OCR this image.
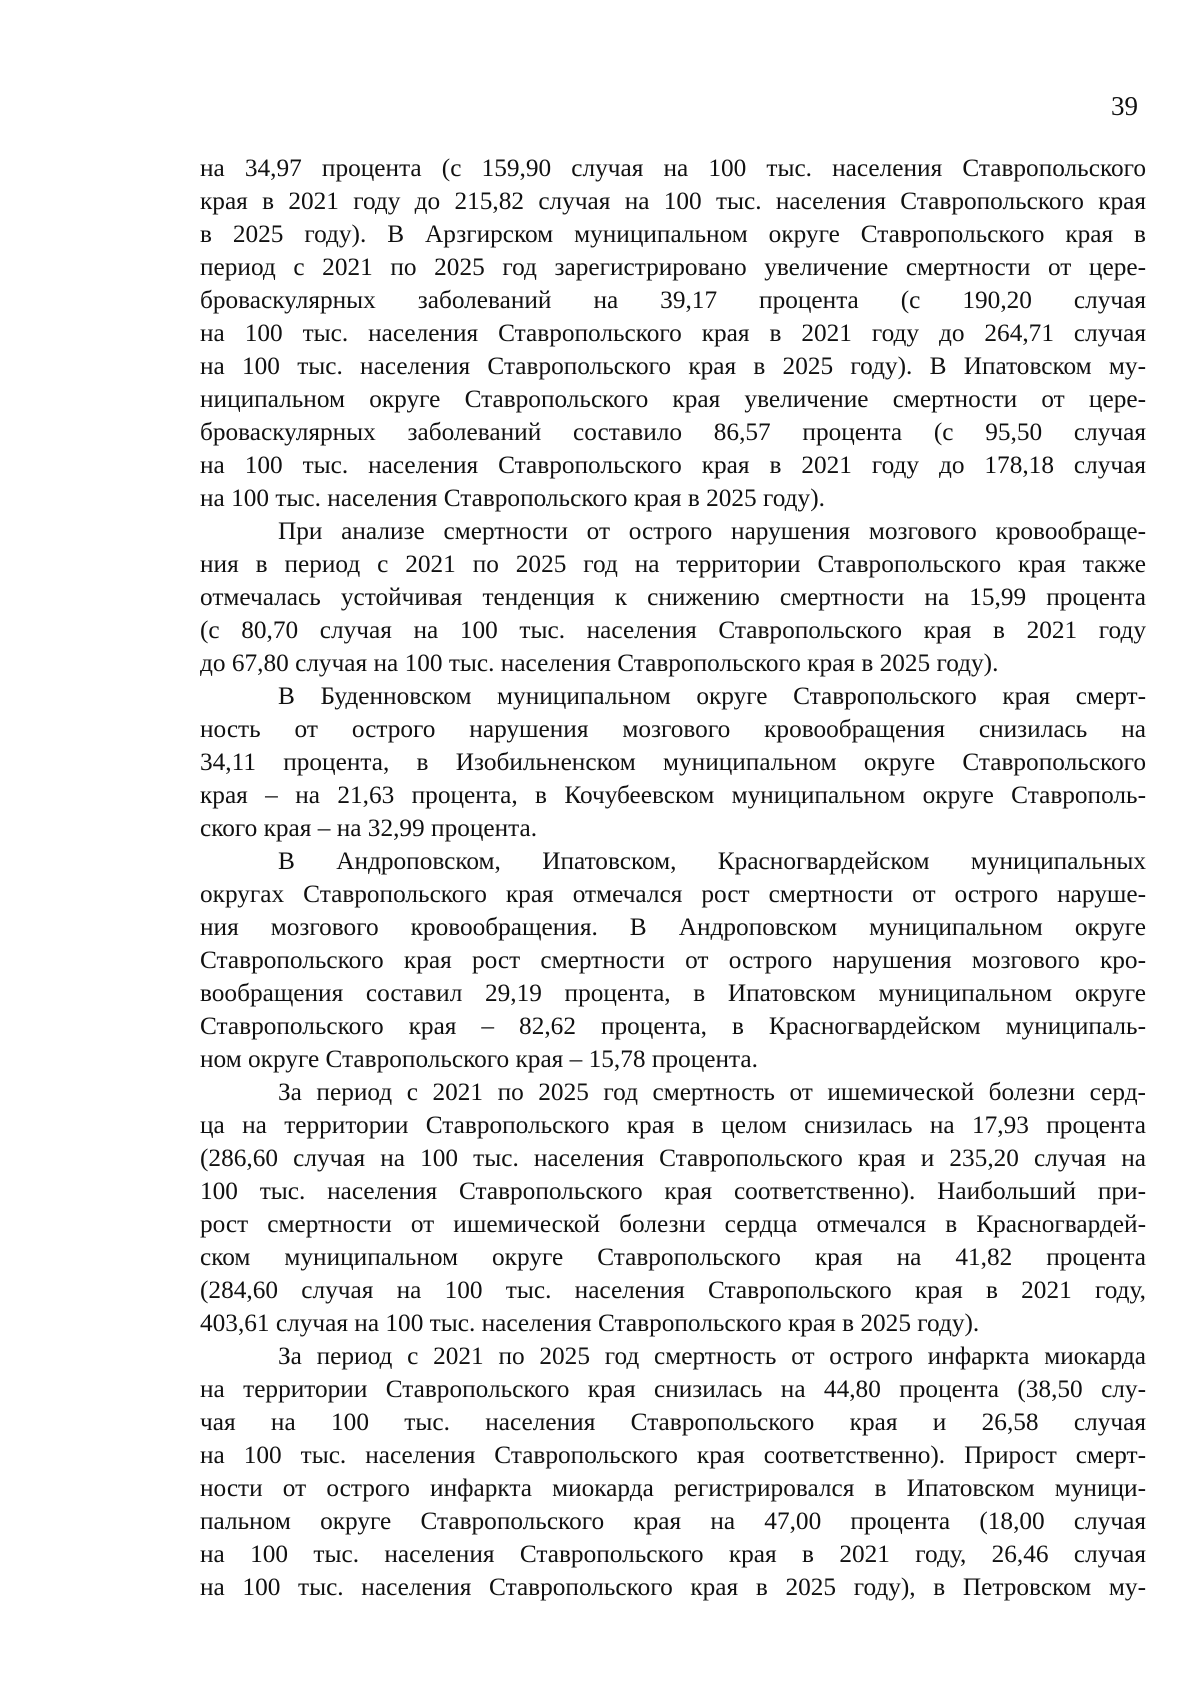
39
на 34,97 процента (с 159,90 случая на 100 тыс. населения Ставропольского
края в 2021 году до 215,82 случая на 100 тыс. населения Ставропольского края
в 2025 году). В Арзгирском муниципальном округе Ставропольского края в
период с 2021 по 2025 год зарегистрировано увеличение смертности от цере-
броваскулярных заболеваний на 39,17 процента (с 190,20 случая
на 100 тыс. населения Ставропольского края в 2021 году до 264,71 случая
на 100 тыс. населения Ставропольского края в 2025 году). В Ипатовском му-
ниципальном округе Ставропольского края увеличение смертности от цере-
броваскулярных заболеваний составило 86,57 процента (с 95,50 случая
на 100 тыс. населения Ставропольского края в 2021 году до 178,18 случая
на 100 тыс. населения Ставропольского края в 2025 году).
При анализе смертности от острого нарушения мозгового кровообраще-
ния в период с 2021 по 2025 год на территории Ставропольского края также
отмечалась устойчивая тенденция к снижению смертности на 15,99 процента
(с 80,70 случая на 100 тыс. населения Ставропольского края в 2021 году
до 67,80 случая на 100 тыс. населения Ставропольского края в 2025 году).
В Буденновском муниципальном округе Ставропольского края смерт-
ность от острого нарушения мозгового кровообращения снизилась на
34,11 процента, в Изобильненском муниципальном округе Ставропольского
края – на 21,63 процента, в Кочубеевском муниципальном округе Ставрополь-
ского края – на 32,99 процента.
В Андроповском, Ипатовском, Красногвардейском муниципальных
округах Ставропольского края отмечался рост смертности от острого наруше-
ния мозгового кровообращения. В Андроповском муниципальном округе
Ставропольского края рост смертности от острого нарушения мозгового кро-
вообращения составил 29,19 процента, в Ипатовском муниципальном округе
Ставропольского края – 82,62 процента, в Красногвардейском муниципаль-
ном округе Ставропольского края – 15,78 процента.
За период с 2021 по 2025 год смертность от ишемической болезни серд-
ца на территории Ставропольского края в целом снизилась на 17,93 процента
(286,60 случая на 100 тыс. населения Ставропольского края и 235,20 случая на
100 тыс. населения Ставропольского края соответственно). Наибольший при-
рост смертности от ишемической болезни сердца отмечался в Красногвардей-
ском муниципальном округе Ставропольского края на 41,82 процента
(284,60 случая на 100 тыс. населения Ставропольского края в 2021 году,
403,61 случая на 100 тыс. населения Ставропольского края в 2025 году).
За период с 2021 по 2025 год смертность от острого инфаркта миокарда
на территории Ставропольского края снизилась на 44,80 процента (38,50 слу-
чая на 100 тыс. населения Ставропольского края и 26,58 случая
на 100 тыс. населения Ставропольского края соответственно). Прирост смерт-
ности от острого инфаркта миокарда регистрировался в Ипатовском муници-
пальном округе Ставропольского края на 47,00 процента (18,00 случая
на 100 тыс. населения Ставропольского края в 2021 году, 26,46 случая
на 100 тыс. населения Ставропольского края в 2025 году), в Петровском му-
